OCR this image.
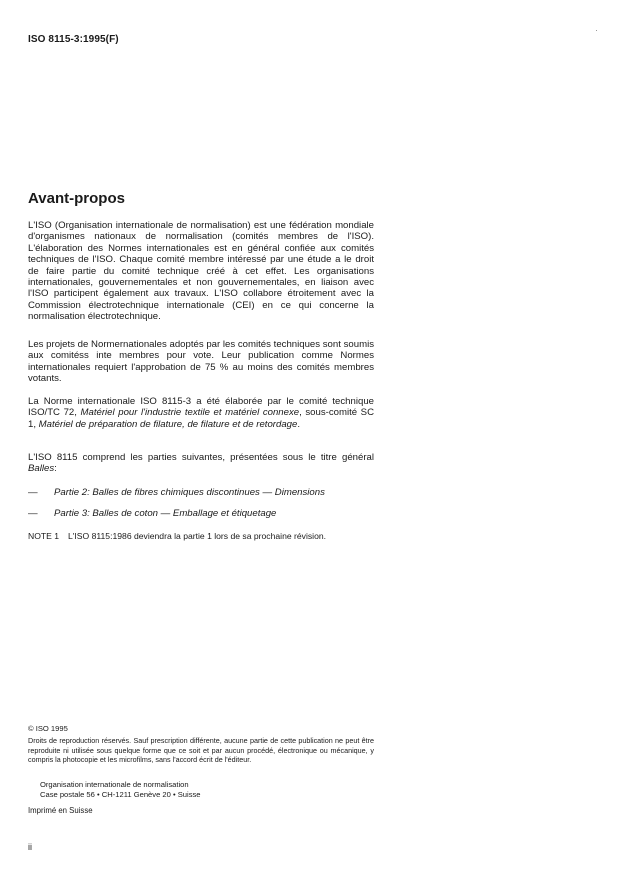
ISO 8115-3:1995(F)
Avant-propos
L'ISO (Organisation internationale de normalisation) est une fédération mondiale d'organismes nationaux de normalisation (comités membres de l'ISO). L'élaboration des Normes internationales est en général confiée aux comités techniques de l'ISO. Chaque comité membre intéressé par une étude a le droit de faire partie du comité technique créé à cet effet. Les organisations internationales, gouvernementales et non gouvernementales, en liaison avec l'ISO participent également aux travaux. L'ISO collabore étroitement avec la Commission électrotechnique internationale (CEI) en ce qui concerne la normalisation électrotechnique.
Les projets de Normernationales adoptés par les comités techniques sont soumis aux comitéss inte membres pour vote. Leur publication comme Normes internationales requiert l'approbation de 75 % au moins des comités membres votants.
La Norme internationale ISO 8115-3 a été élaborée par le comité technique ISO/TC 72, Matériel pour l'industrie textile et matériel connexe, sous-comité SC 1, Matériel de préparation de filature, de filature et de retordage.
L'ISO 8115 comprend les parties suivantes, présentées sous le titre général Balles:
— Partie 2: Balles de fibres chimiques discontinues — Dimensions
— Partie 3: Balles de coton — Emballage et étiquetage
NOTE 1 L'ISO 8115:1986 deviendra la partie 1 lors de sa prochaine révision.
© ISO 1995
Droits de reproduction réservés. Sauf prescription différente, aucune partie de cette publication ne peut être reproduite ni utilisée sous quelque forme que ce soit et par aucun procédé, électronique ou mécanique, y compris la photocopie et les microfilms, sans l'accord écrit de l'éditeur.
Organisation internationale de normalisation
Case postale 56 • CH-1211 Genève 20 • Suisse
Imprimé en Suisse
ii
